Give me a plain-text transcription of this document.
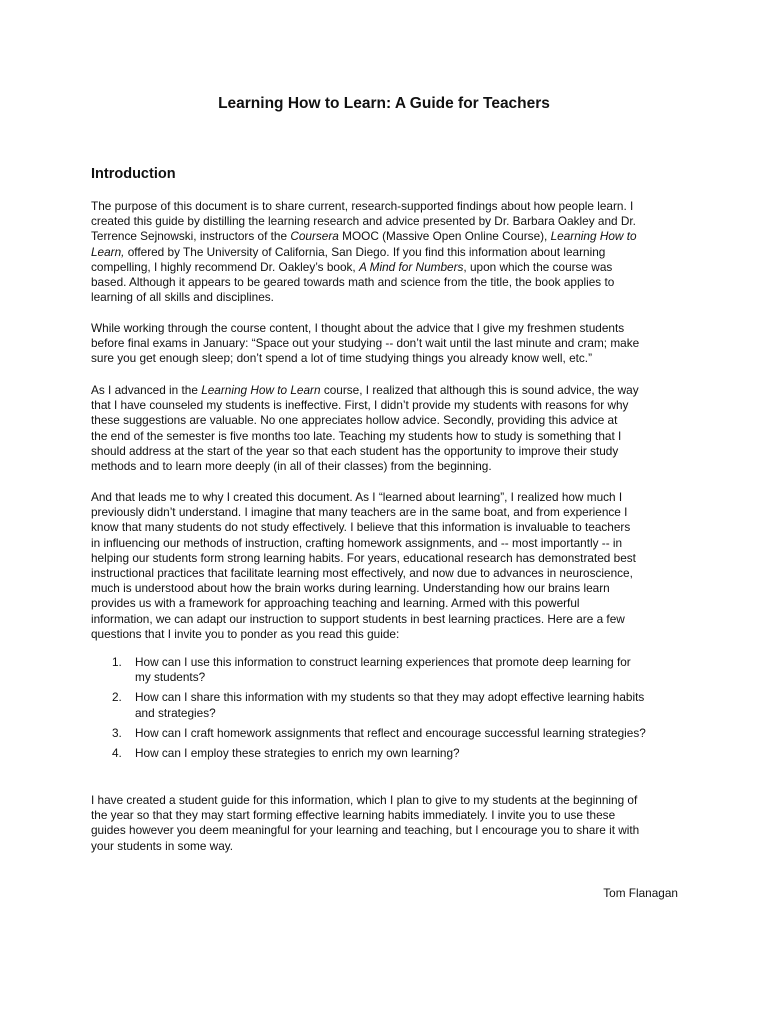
Learning How to Learn: A Guide for Teachers
Introduction

The purpose of this document is to share current, research-supported findings about how people learn. I
created this guide by distilling the learning research and advice presented by Dr. Barbara Oakley and Dr.
Terrence Sejnowski, instructors of the Coursera MOOC (Massive Open Online Course), Learning How to
Learn, offered by The University of California, San Diego. If you find this information about learning
compelling, I highly recommend Dr. Oakley’s book, A Mind for Numbers, upon which the course was
based. Although it appears to be geared towards math and science from the title, the book applies to
learning of all skills and disciplines.

While working through the course content, I thought about the advice that I give my freshmen students
before final exams in January: “Space out your studying -- don’t wait until the last minute and cram; make
sure you get enough sleep; don’t spend a lot of time studying things you already know well, etc.”

As I advanced in the Learning How to Learn course, I realized that although this is sound advice, the way
that I have counseled my students is ineffective. First, I didn’t provide my students with reasons for why
these suggestions are valuable. No one appreciates hollow advice. Secondly, providing this advice at
the end of the semester is five months too late. Teaching my students how to study is something that I
should address at the start of the year so that each student has the opportunity to improve their study
methods and to learn more deeply (in all of their classes) from the beginning.

And that leads me to why I created this document. As I “learned about learning”, I realized how much I
previously didn’t understand. I imagine that many teachers are in the same boat, and from experience I
know that many students do not study effectively. I believe that this information is invaluable to teachers
in influencing our methods of instruction, crafting homework assignments, and -- most importantly -- in
helping our students form strong learning habits. For years, educational research has demonstrated best
instructional practices that facilitate learning most effectively, and now due to advances in neuroscience,
much is understood about how the brain works during learning. Understanding how our brains learn
provides us with a framework for approaching teaching and learning. Armed with this powerful
information, we can adapt our instruction to support students in best learning practices. Here are a few
questions that I invite you to ponder as you read this guide:

1. How can I use this information to construct learning experiences that promote deep learning for
my students?
2. How can I share this information with my students so that they may adopt effective learning habits
and strategies?
3. How can I craft homework assignments that reflect and encourage successful learning strategies?
4. How can I employ these strategies to enrich my own learning?

I have created a student guide for this information, which I plan to give to my students at the beginning of
the year so that they may start forming effective learning habits immediately. I invite you to use these
guides however you deem meaningful for your learning and teaching, but I encourage you to share it with
your students in some way.

Tom Flanagan
